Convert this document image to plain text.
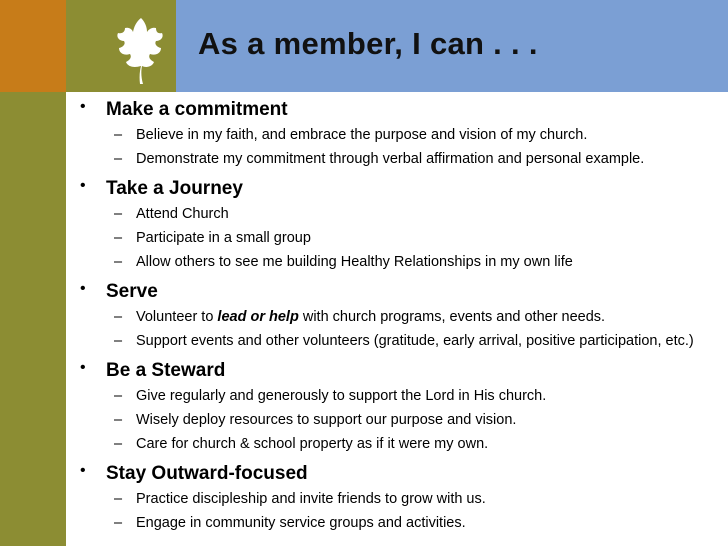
As a member, I can . . .
• Make a commitment
– Believe in my faith, and embrace the purpose and vision of my church.
– Demonstrate my commitment through verbal affirmation and personal example.
• Take a Journey
– Attend Church
– Participate in a small group
– Allow others to see me building Healthy Relationships in my own life
• Serve
– Volunteer to lead or help with church programs, events and other needs.
– Support events and other volunteers (gratitude, early arrival, positive participation, etc.)
• Be a Steward
– Give regularly and generously to support the Lord in His church.
– Wisely deploy resources to support our purpose and vision.
– Care for church & school property as if it were my own.
• Stay Outward-focused
– Practice discipleship and invite friends to grow with us.
– Engage in community service groups and activities.
